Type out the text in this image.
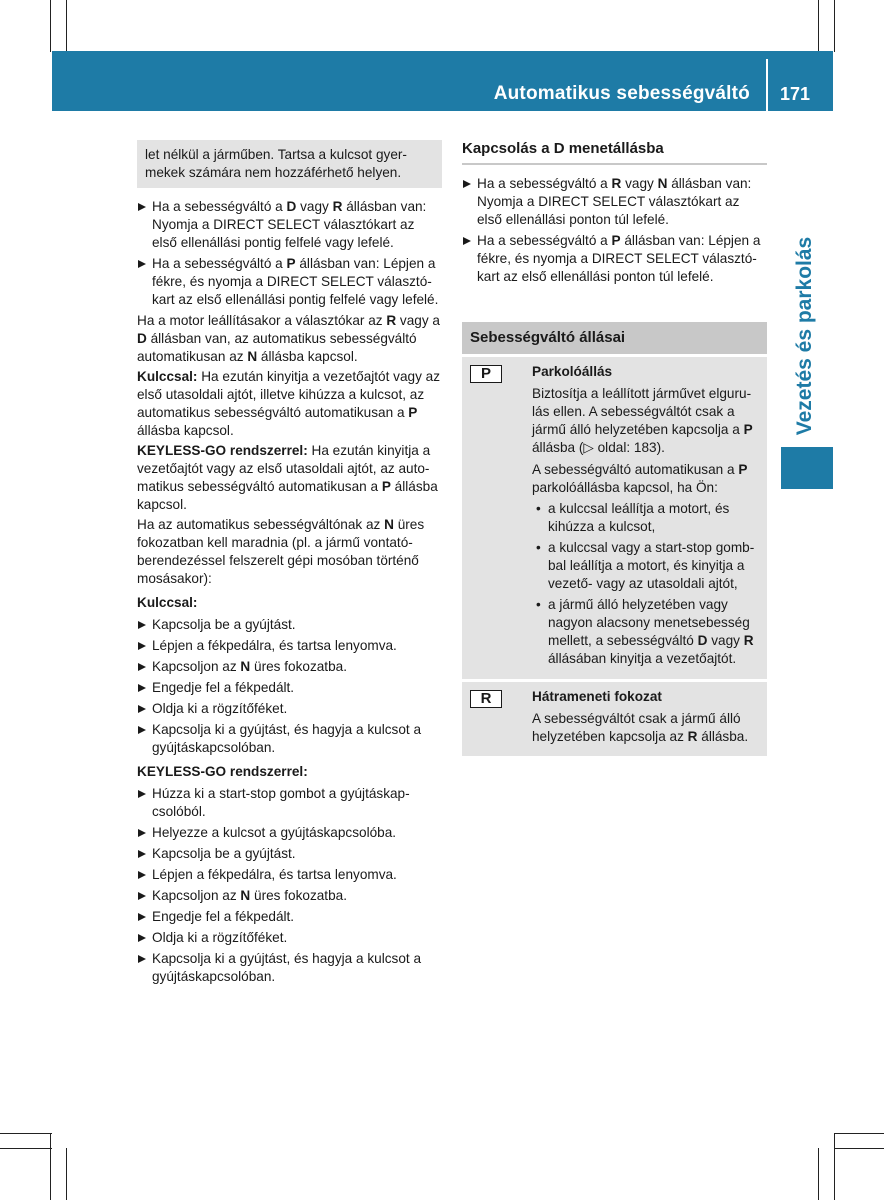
Automatikus sebességváltó 171
Vezetés és parkolás
let nélkül a járműben. Tartsa a kulcsot gyermekek számára nem hozzáférhető helyen.
Ha a sebességváltó a D vagy R állásban van: Nyomja a DIRECT SELECT választókart az első ellenállási pontig felfelé vagy lefelé.
Ha a sebességváltó a P állásban van: Lépjen a fékre, és nyomja a DIRECT SELECT választókart az első ellenállási pontig felfelé vagy lefelé.

Ha a motor leállításakor a választókar az R vagy a D állásban van, az automatikus sebességváltó automatikusan az N állásba kapcsol.

Kulccsal: Ha ezután kinyitja a vezetőajtót vagy az első utasoldali ajtót, illetve kihúzza a kulcsot, az automatikus sebességváltó automatikusan a P állásba kapcsol.

KEYLESS-GO rendszerrel: Ha ezután kinyitja a vezetőajtót vagy az első utasoldali ajtót, az automatikus sebességváltó automatikusan a P állásba kapcsol.

Ha az automatikus sebességváltónak az N üres fokozatban kell maradnia (pl. a jármű vontatóberendezéssel felszerelt gépi mosóban történő mosásakor):

Kulccsal:
Kapcsolja be a gyújtást.
Lépjen a fékpedálra, és tartsa lenyomva.
Kapcsoljon az N üres fokozatba.
Engedje fel a fékpedált.
Oldja ki a rögzítőféket.
Kapcsolja ki a gyújtást, és hagyja a kulcsot a gyújtáskapcsolóban.
KEYLESS-GO rendszerrel:
Húzza ki a start-stop gombot a gyújtáskapcsolóból.
Helyezze a kulcsot a gyújtáskapcsolóba.
Kapcsolja be a gyújtást.
Lépjen a fékpedálra, és tartsa lenyomva.
Kapcsoljon az N üres fokozatba.
Engedje fel a fékpedált.
Oldja ki a rögzítőféket.
Kapcsolja ki a gyújtást, és hagyja a kulcsot a gyújtáskapcsolóban.
Kapcsolás a D menetállásba
Ha a sebességváltó a R vagy N állásban van: Nyomja a DIRECT SELECT választókart az első ellenállási ponton túl lefelé.
Ha a sebességváltó a P állásban van: Lépjen a fékre, és nyomja a DIRECT SELECT választókart az első ellenállási ponton túl lefelé.
Sebességváltó állásai
P	Parkolóállás

Biztosítja a leállított járművet elgurulás ellen. A sebességváltót csak a jármű álló helyzetében kapcsolja a P állásba (▷ oldal: 183).

A sebességváltó automatikusan a P parkolóállásba kapcsol, ha Ön:

• a kulccsal leállítja a motort, és kihúzza a kulcsot,
• a kulccsal vagy a start-stop gombbal leállítja a motort, és kinyitja a vezető- vagy az utasoldali ajtót,
• a jármű álló helyzetében vagy nagyon alacsony menetsebesség mellett, a sebességváltó D vagy R állásában kinyitja a vezetőajtót.
R	Hátrameneti fokozat

A sebességváltót csak a jármű álló helyzetében kapcsolja az R állásba.
